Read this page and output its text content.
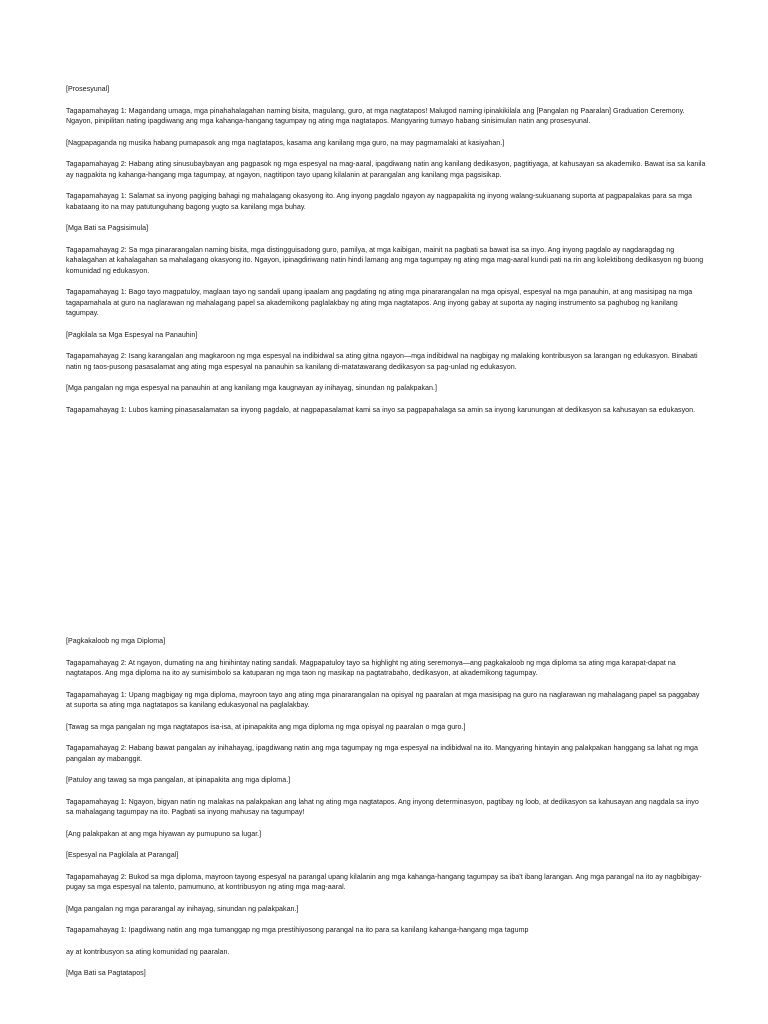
[Prosesyunal]

Tagapamahayag 1: Magandang umaga, mga pinahahalagahan naming bisita, magulang, guro, at mga nagtatapos! Malugod naming ipinakikilala ang [Pangalan ng Paaralan] Graduation Ceremony. Ngayon, pinipilitan nating ipagdiwang ang mga kahanga-hangang tagumpay ng ating mga nagtatapos. Mangyaring tumayo habang sinisimulan natin ang prosesyunal.

[Nagpapaganda ng musika habang pumapasok ang mga nagtatapos, kasama ang kanilang mga guro, na may pagmamalaki at kasiyahan.]

Tagapamahayag 2: Habang ating sinusubaybayan ang pagpasok ng mga espesyal na mag-aaral, ipagdiwang natin ang kanilang dedikasyon, pagtitiyaga, at kahusayan sa akademiko. Bawat isa sa kanila ay nagpakita ng kahanga-hangang mga tagumpay, at ngayon, nagtitipon tayo upang kilalanin at parangalan ang kanilang mga pagsisikap.

Tagapamahayag 1: Salamat sa inyong pagiging bahagi ng mahalagang okasyong ito. Ang inyong pagdalo ngayon ay nagpapakita ng inyong walang-sukuanang suporta at pagpapalakas para sa mga kabataang ito na may patutunguhang bagong yugto sa kanilang mga buhay.

[Mga Bati sa Pagsisimula]

Tagapamahayag 2: Sa mga pinararangalan naming bisita, mga distingguisadong guro, pamilya, at mga kaibigan, mainit na pagbati sa bawat isa sa inyo. Ang inyong pagdalo ay nagdaragdag ng kahalagahan at kahalagahan sa mahalagang okasyong ito. Ngayon, ipinagdiriwang natin hindi lamang ang mga tagumpay ng ating mga mag-aaral kundi pati na rin ang kolektibong dedikasyon ng buong komunidad ng edukasyon.

Tagapamahayag 1: Bago tayo magpatuloy, maglaan tayo ng sandali upang ipaalam ang pagdating ng ating mga pinararangalan na mga opisyal, espesyal na mga panauhin, at ang masisipag na mga tagapamahala at guro na naglarawan ng mahalagang papel sa akademikong paglalakbay ng ating mga nagtatapos. Ang inyong gabay at suporta ay naging instrumento sa paghubog ng kanilang tagumpay.

[Pagkilala sa Mga Espesyal na Panauhin]

Tagapamahayag 2: Isang karangalan ang magkaroon ng mga espesyal na indibidwal sa ating gitna ngayon—mga indibidwal na nagbigay ng malaking kontribusyon sa larangan ng edukasyon. Binabati natin ng taos-pusong pasasalamat ang ating mga espesyal na panauhin sa kanilang di-matatawarang dedikasyon sa pag-unlad ng edukasyon.

[Mga pangalan ng mga espesyal na panauhin at ang kanilang mga kaugnayan ay inihayag, sinundan ng palakpakan.]

Tagapamahayag 1: Lubos kaming pinasasalamatan sa inyong pagdalo, at nagpapasalamat kami sa inyo sa pagpapahalaga sa amin sa inyong karunungan at dedikasyon sa kahusayan sa edukasyon.

[Pagkakaloob ng mga Diploma]

Tagapamahayag 2: At ngayon, dumating na ang hinihintay nating sandali. Magpapatuloy tayo sa highlight ng ating seremonya—ang pagkakaloob ng mga diploma sa ating mga karapat-dapat na nagtatapos. Ang mga diploma na ito ay sumisimbolo sa katuparan ng mga taon ng masikap na pagtatrabaho, dedikasyon, at akademikong tagumpay.

Tagapamahayag 1: Upang magbigay ng mga diploma, mayroon tayo ang ating mga pinararangalan na opisyal ng paaralan at mga masisipag na guro na naglarawan ng mahalagang papel sa paggabay at suporta sa ating mga nagtatapos sa kanilang edukasyonal na paglalakbay.

[Tawag sa mga pangalan ng mga nagtatapos isa-isa, at ipinapakita ang mga diploma ng mga opisyal ng paaralan o mga guro.]

Tagapamahayag 2: Habang bawat pangalan ay inihahayag, ipagdiwang natin ang mga tagumpay ng mga espesyal na indibidwal na ito. Mangyaring hintayin ang palakpakan hanggang sa lahat ng mga pangalan ay mabanggit.

[Patuloy ang tawag sa mga pangalan, at ipinapakita ang mga diploma.]

Tagapamahayag 1: Ngayon, bigyan natin ng malakas na palakpakan ang lahat ng ating mga nagtatapos. Ang inyong determinasyon, pagtibay ng loob, at dedikasyon sa kahusayan ang nagdala sa inyo sa mahalagang tagumpay na ito. Pagbati sa inyong mahusay na tagumpay!

[Ang palakpakan at ang mga hiyawan ay pumupuno sa lugar.]

[Espesyal na Pagkilala at Parangal]

Tagapamahayag 2: Bukod sa mga diploma, mayroon tayong espesyal na parangal upang kilalanin ang mga kahanga-hangang tagumpay sa iba't ibang larangan. Ang mga parangal na ito ay nagbibigay-pugay sa mga espesyal na talento, pamumuno, at kontribusyon ng ating mga mag-aaral.

[Mga pangalan ng mga pararangal ay inihayag, sinundan ng palakpakan.]

Tagapamahayag 1: Ipagdiwang natin ang mga tumanggap ng mga prestihiyosong parangal na ito para sa kanilang kahanga-hangang mga tagump

ay at kontribusyon sa ating komunidad ng paaralan.

[Mga Bati sa Pagtatapos]
